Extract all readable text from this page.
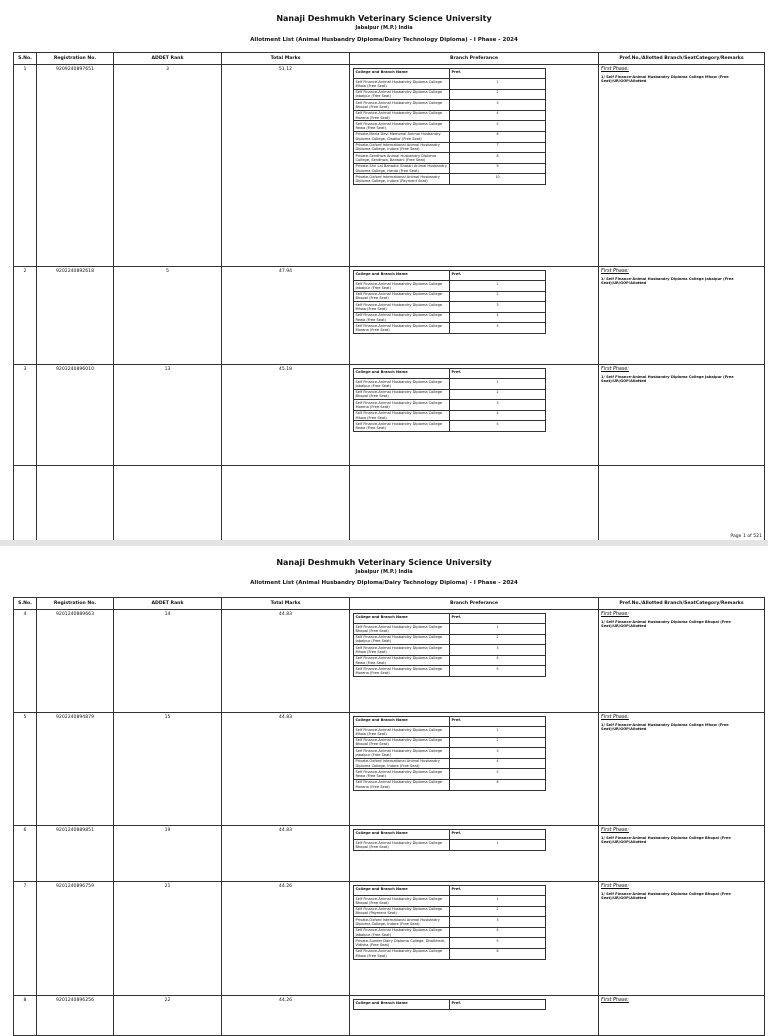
Nanaji Deshmukh Veterinary Science University
Jabalpur (M.P.) India
Allotment List (Animal Husbandry Diploma/Dairy Technology Diploma) - I Phase - 2024
S.No.	Registration No.	ADDET Rank	Total Marks	Branch Preferance	Pref.No./Allotted Branch/SeatCategory/Remarks
1	9209240897651	3	51.12		College and Branch Name	Pref.
Self Finance-Animal Husbandry Diploma College Mhow (Free Seat)	1
Self Finance-Animal Husbandry Diploma College Jabalpur (Free Seat)	2
Self Finance-Animal Husbandry Diploma College Bhopal (Free Seat)	3
Self Finance-Animal Husbandry Diploma College Morena (Free Seat)	4
Self Finance-Animal Husbandry Diploma College Rewa (Free Seat)	5
Private-Maria Devi Memorial Animal Husbandry Diploma College, Gwalior (Free Seat)	6
Private-Oxford International Animal Husbandry Diploma College, Indore (Free Seat)	7
Private-Sendhwa Animal Husbandry Diploma College, Sendhwa, Barwani (Free Seat)	8
Private-Shri Lal Bahadur Shastri Animal Husbandry Diploma College, Harda (Free Seat)	9
Private-Oxford International Animal Husbandry Diploma College, Indore (Payment Seat)	10

First Phase:
1/ Self Finance-Animal Husbandry Diploma College Mhow (Free Seat)/UR/GOP/Allotted

2	9202240892618	5	47.94		College and Branch Name	Pref.
Self Finance-Animal Husbandry Diploma College Jabalpur (Free Seat)	1
Self Finance-Animal Husbandry Diploma College Bhopal (Free Seat)	2
Self Finance-Animal Husbandry Diploma College Mhow (Free Seat)	3
Self Finance-Animal Husbandry Diploma College Rewa (Free Seat)	4
Self Finance-Animal Husbandry Diploma College Morena (Free Seat)	5

First Phase:
1/ Self Finance-Animal Husbandry Diploma College Jabalpur (Free Seat)/UR/GOP/Allotted

3	9203240896010	13	45.18		College and Branch Name	Pref.
Self Finance-Animal Husbandry Diploma College Jabalpur (Free Seat)	1
Self Finance-Animal Husbandry Diploma College Bhopal (Free Seat)	2
Self Finance-Animal Husbandry Diploma College Morena (Free Seat)	3
Self Finance-Animal Husbandry Diploma College Mhow (Free Seat)	4
Self Finance-Animal Husbandry Diploma College Rewa (Free Seat)	5

First Phase:
1/ Self Finance-Animal Husbandry Diploma College Jabalpur (Free Seat)/UR/GOP/Allotted

Page 1 of 521
Nanaji Deshmukh Veterinary Science University
Jabalpur (M.P.) India
Allotment List (Animal Husbandry Diploma/Dairy Technology Diploma) - I Phase - 2024
S.No.	Registration No.	ADDET Rank	Total Marks	Branch Preferance	Pref.No./Allotted Branch/SeatCategory/Remarks
4	9201240889663	14	44.83		College and Branch Name	Pref.
Self Finance-Animal Husbandry Diploma College Bhopal (Free Seat)	1
Self Finance-Animal Husbandry Diploma College Jabalpur (Free Seat)	2
Self Finance-Animal Husbandry Diploma College Mhow (Free Seat)	3
Self Finance-Animal Husbandry Diploma College Rewa (Free Seat)	4
Self Finance-Animal Husbandry Diploma College Morena (Free Seat)	5

First Phase:
1/ Self Finance-Animal Husbandry Diploma College Bhopal (Free Seat)/UR/GOP/Allotted

5	9202240894879	15	44.83		College and Branch Name	Pref.
Self Finance-Animal Husbandry Diploma College Mhow (Free Seat)	1
Self Finance-Animal Husbandry Diploma College Bhopal (Free Seat)	2
Self Finance-Animal Husbandry Diploma College Jabalpur (Free Seat)	3
Private-Oxford International Animal Husbandry Diploma College, Indore (Free Seat)	4
Self Finance-Animal Husbandry Diploma College Rewa (Free Seat)	5
Self Finance-Animal Husbandry Diploma College Morena (Free Seat)	6

First Phase:
1/ Self Finance-Animal Husbandry Diploma College Mhow (Free Seat)/UR/GOP/Allotted

6	9201240889851	19	44.83		College and Branch Name	Pref.
Self Finance-Animal Husbandry Diploma College Bhopal (Free Seat)	1

First Phase:
1/ Self Finance-Animal Husbandry Diploma College Bhopal (Free Seat)/UR/GOP/Allotted

7	9201240896759	21	44.26		College and Branch Name	Pref.
Self Finance-Animal Husbandry Diploma College Bhopal (Free Seat)	1
Self Finance-Animal Husbandry Diploma College Bhopal (Payment Seat)	2
Private-Oxford International Animal Husbandry Diploma College, Indore (Free Seat)	3
Self Finance-Animal Husbandry Diploma College Jabalpur (Free Seat)	4
Private-Sunder Dairy Diploma College, Dholkhedi, Vidisha (Free Seat)	5
Self Finance-Animal Husbandry Diploma College Mhow (Free Seat)	6

First Phase:
1/ Self Finance-Animal Husbandry Diploma College Bhopal (Free Seat)/UR/GOP/Allotted

8	9201240896256	22	44.26		College and Branch Name	Pref.
		First Phase:
